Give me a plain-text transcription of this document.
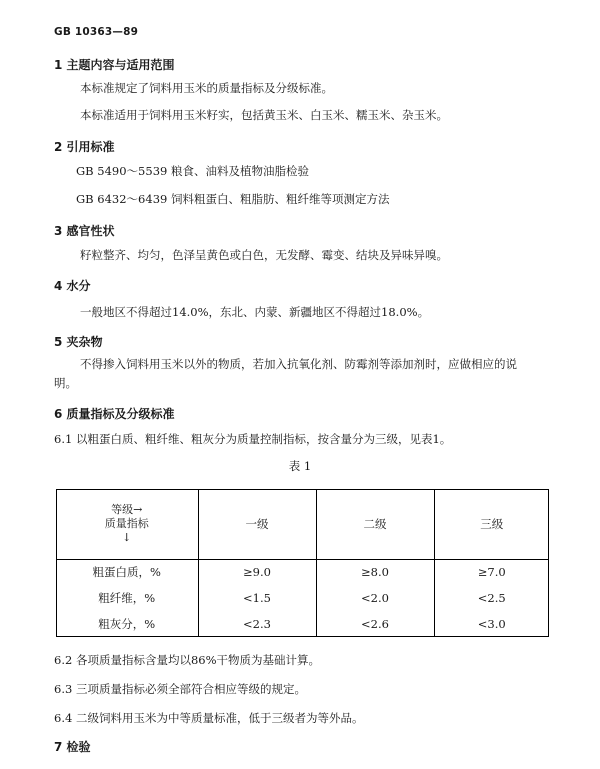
GB 10363—89
1 主题内容与适用范围
本标准规定了饲料用玉米的质量指标及分级标准。
本标准适用于饲料用玉米籽实，包括黄玉米、白玉米、糯玉米、杂玉米。
2 引用标准
GB 5490～5539 粮食、油料及植物油脂检验
GB 6432～6439 饲料粗蛋白、粗脂肪、粗纤维等项测定方法
3 感官性状
籽粒整齐、均匀，色泽呈黄色或白色，无发酵、霉变、结块及异味异嗅。
4 水分
一般地区不得超过14.0%，东北、内蒙、新疆地区不得超过18.0%。
5 夹杂物
不得掺入饲料用玉米以外的物质，若加入抗氧化剂、防霉剂等添加剂时，应做相应的说明。
6 质量指标及分级标准
6.1 以粗蛋白质、粗纤维、粗灰分为质量控制指标，按含量分为三级，见表1。
表 1
等级→
质量指标
↓	一级	二级	三级
粗蛋白质，%	≥9.0	≥8.0	≥7.0
粗纤维，%	<1.5	<2.0	<2.5
粗灰分，%	<2.3	<2.6	<3.0
6.2 各项质量指标含量均以86%干物质为基础计算。
6.3 三项质量指标必须全部符合相应等级的规定。
6.4 二级饲料用玉米为中等质量标准，低于三级者为等外品。
7 检验
